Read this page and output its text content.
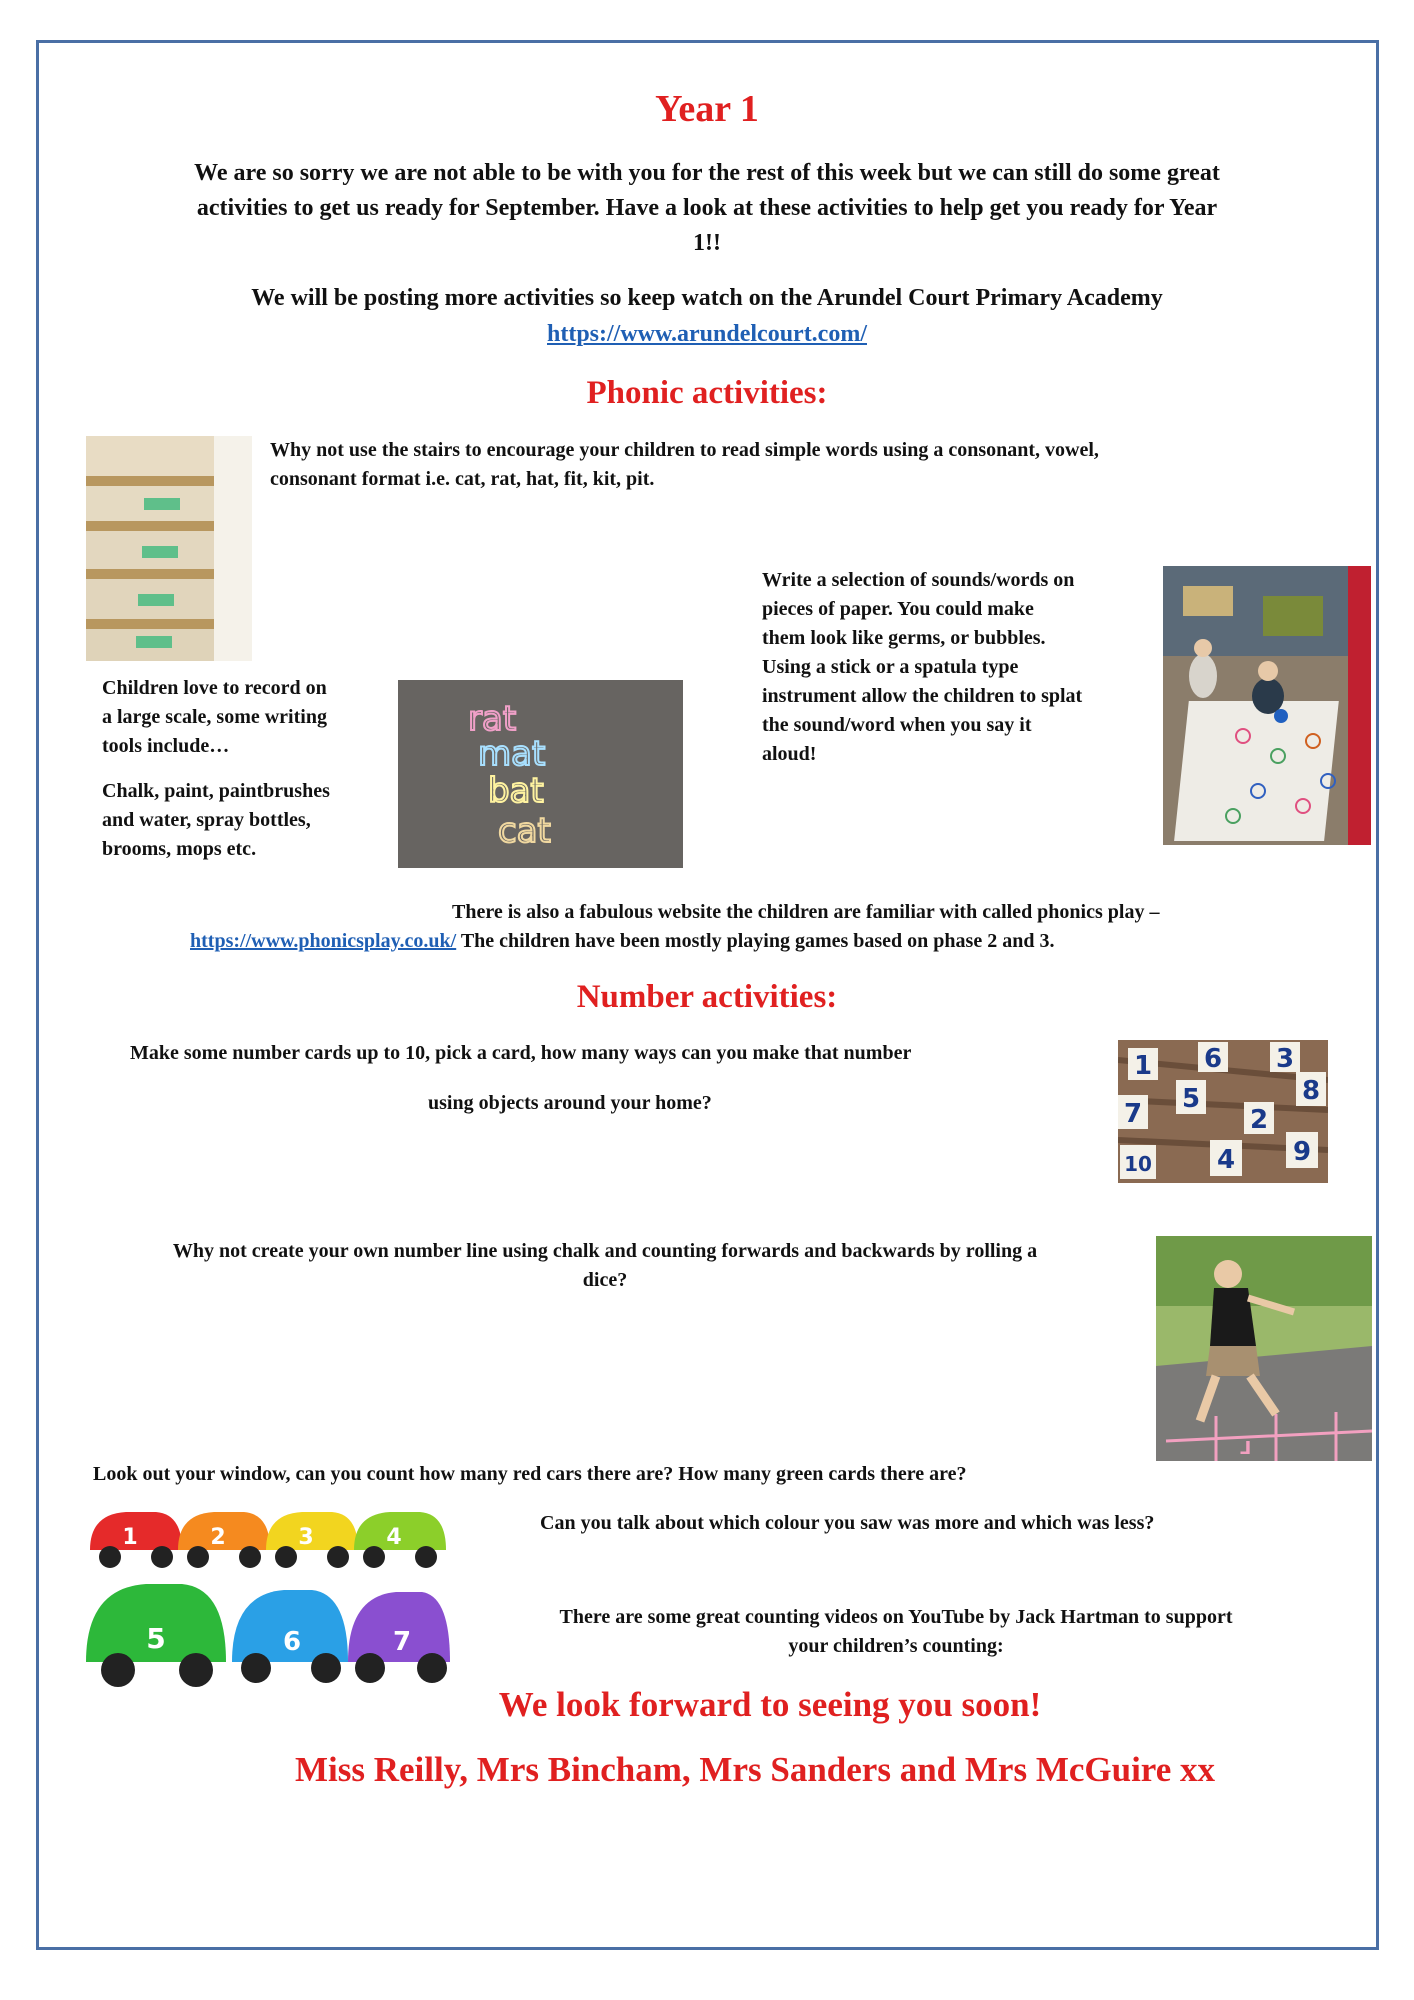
Year 1
We are so sorry we are not able to be with you for the rest of this week but we can still do some great
activities to get us ready for September. Have a look at these activities to help get you ready for Year
1!!
We will be posting more activities so keep watch on the Arundel Court Primary Academy
https://www.arundelcourt.com/
Phonic activities:
Why not use the stairs to encourage your children to read simple words using a consonant, vowel,
consonant format i.e. cat, rat, hat, fit, kit, pit.
Write a selection of sounds/words on
pieces of paper. You could make
them look like germs, or bubbles.
Using a stick or a spatula type
instrument allow the children to splat
the sound/word when you say it
aloud!
Children love to record on
a large scale, some writing
tools include…
Chalk, paint, paintbrushes
and water, spray bottles,
brooms, mops etc.
rat
mat
bat
cat
There is also a fabulous website the children are familiar with called phonics play –
https://www.phonicsplay.co.uk/ The children have been mostly playing games based on phase 2 and 3.
Number activities:
Make some number cards up to 10, pick a card, how many ways can you make that number
using objects around your home?
1 6 3
7 5	8
2
10	4 9
Why not create your own number line using chalk and counting forwards and backwards by rolling a
dice?
ᒧ
Look out your window, can you count how many red cars there are? How many green cards there are?
1	2	3	4
5	6	7
Can you talk about which colour you saw was more and which was less?
There are some great counting videos on YouTube by Jack Hartman to support
your children’s counting:
We look forward to seeing you soon!
Miss Reilly, Mrs Bincham, Mrs Sanders and Mrs McGuire xx
